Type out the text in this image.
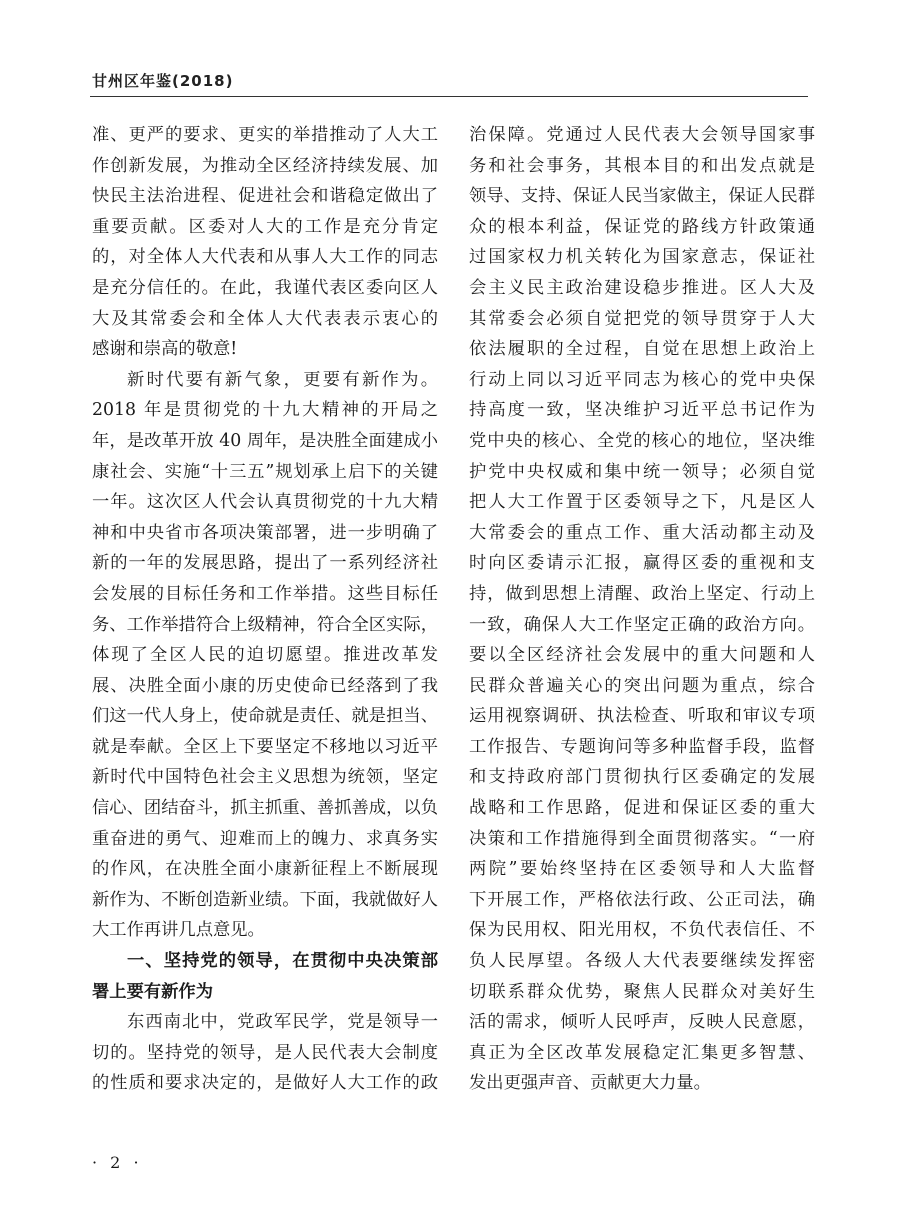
甘州区年鉴(2018)
准、更严的要求、更实的举措推动了人大工
作创新发展，为推动全区经济持续发展、加
快民主法治进程、促进社会和谐稳定做出了
重要贡献。区委对人大的工作是充分肯定
的，对全体人大代表和从事人大工作的同志
是充分信任的。在此，我谨代表区委向区人
大及其常委会和全体人大代表表示衷心的
感谢和崇高的敬意!
新时代要有新气象，更要有新作为。
2018 年是贯彻党的十九大精神的开局之
年，是改革开放 40 周年，是决胜全面建成小
康社会、实施“十三五”规划承上启下的关键
一年。这次区人代会认真贯彻党的十九大精
神和中央省市各项决策部署，进一步明确了
新的一年的发展思路，提出了一系列经济社
会发展的目标任务和工作举措。这些目标任
务、工作举措符合上级精神，符合全区实际，
体现了全区人民的迫切愿望。推进改革发
展、决胜全面小康的历史使命已经落到了我
们这一代人身上，使命就是责任、就是担当、
就是奉献。全区上下要坚定不移地以习近平
新时代中国特色社会主义思想为统领，坚定
信心、团结奋斗，抓主抓重、善抓善成，以负
重奋进的勇气、迎难而上的魄力、求真务实
的作风，在决胜全面小康新征程上不断展现
新作为、不断创造新业绩。下面，我就做好人
大工作再讲几点意见。
一、坚持党的领导，在贯彻中央决策部
署上要有新作为
东西南北中，党政军民学，党是领导一
切的。坚持党的领导，是人民代表大会制度
的性质和要求决定的，是做好人大工作的政
治保障。党通过人民代表大会领导国家事
务和社会事务，其根本目的和出发点就是
领导、支持、保证人民当家做主，保证人民群
众的根本利益，保证党的路线方针政策通
过国家权力机关转化为国家意志，保证社
会主义民主政治建设稳步推进。区人大及
其常委会必须自觉把党的领导贯穿于人大
依法履职的全过程，自觉在思想上政治上
行动上同以习近平同志为核心的党中央保
持高度一致，坚决维护习近平总书记作为
党中央的核心、全党的核心的地位，坚决维
护党中央权威和集中统一领导；必须自觉
把人大工作置于区委领导之下，凡是区人
大常委会的重点工作、重大活动都主动及
时向区委请示汇报，赢得区委的重视和支
持，做到思想上清醒、政治上坚定、行动上
一致，确保人大工作坚定正确的政治方向。
要以全区经济社会发展中的重大问题和人
民群众普遍关心的突出问题为重点，综合
运用视察调研、执法检查、听取和审议专项
工作报告、专题询问等多种监督手段，监督
和支持政府部门贯彻执行区委确定的发展
战略和工作思路，促进和保证区委的重大
决策和工作措施得到全面贯彻落实。“一府
两院”要始终坚持在区委领导和人大监督
下开展工作，严格依法行政、公正司法，确
保为民用权、阳光用权，不负代表信任、不
负人民厚望。各级人大代表要继续发挥密
切联系群众优势，聚焦人民群众对美好生
活的需求，倾听人民呼声，反映人民意愿，
真正为全区改革发展稳定汇集更多智慧、
发出更强声音、贡献更大力量。
· 2 ·
